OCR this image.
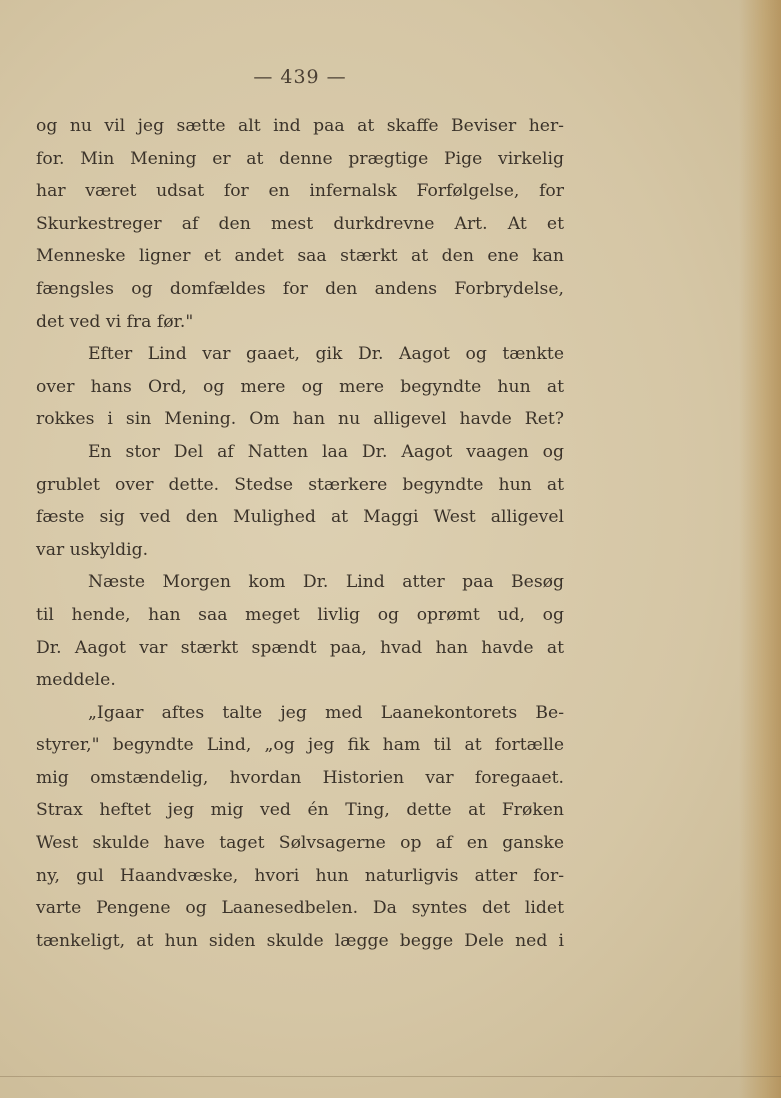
— 439 —
og nu vil jeg sætte alt ind paa at skaffe Beviser her-
for. Min Mening er at denne prægtige Pige virkelig
har været udsat for en infernalsk Forfølgelse, for
Skurkestreger af den mest durkdrevne Art. At et
Menneske ligner et andet saa stærkt at den ene kan
fængsles og domfældes for den andens Forbrydelse,
det ved vi fra før."
Efter Lind var gaaet, gik Dr. Aagot og tænkte
over hans Ord, og mere og mere begyndte hun at
rokkes i sin Mening. Om han nu alligevel havde Ret?
En stor Del af Natten laa Dr. Aagot vaagen og
grublet over dette. Stedse stærkere begyndte hun at
fæste sig ved den Mulighed at Maggi West alligevel
var uskyldig.
Næste Morgen kom Dr. Lind atter paa Besøg
til hende, han saa meget livlig og oprømt ud, og
Dr. Aagot var stærkt spændt paa, hvad han havde at
meddele.
„Igaar aftes talte jeg med Laanekontorets Be-
styrer," begyndte Lind, „og jeg fik ham til at fortælle
mig omstændelig, hvordan Historien var foregaaet.
Strax heftet jeg mig ved én Ting, dette at Frøken
West skulde have taget Sølvsagerne op af en ganske
ny, gul Haandvæske, hvori hun naturligvis atter for-
varte Pengene og Laanesedbelen. Da syntes det lidet
tænkeligt, at hun siden skulde lægge begge Dele ned i
